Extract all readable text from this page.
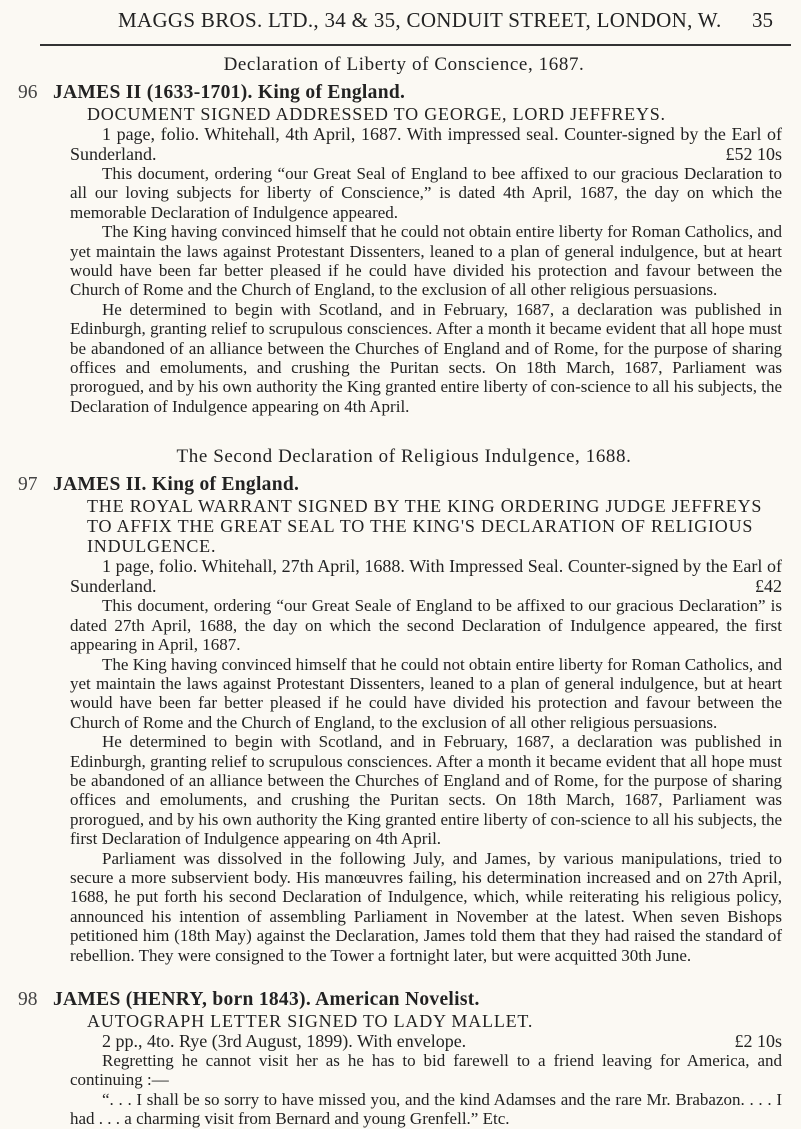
MAGGS BROS. LTD., 34 & 35, CONDUIT STREET, LONDON, W. 35
Declaration of Liberty of Conscience, 1687.
96 JAMES II (1633-1701). King of England.
DOCUMENT SIGNED ADDRESSED TO GEORGE, LORD JEFFREYS.
1 page, folio. Whitehall, 4th April, 1687. With impressed seal. Counter-signed by the Earl of Sunderland.	£52 10s

This document, ordering “our Great Seal of England to bee affixed to our gracious Declaration to all our loving subjects for liberty of Conscience,” is dated 4th April, 1687, the day on which the memorable Declaration of Indulgence appeared.

The King having convinced himself that he could not obtain entire liberty for Roman Catholics, and yet maintain the laws against Protestant Dissenters, leaned to a plan of general indulgence, but at heart would have been far better pleased if he could have divided his protection and favour between the Church of Rome and the Church of England, to the exclusion of all other religious persuasions.

He determined to begin with Scotland, and in February, 1687, a declaration was published in Edinburgh, granting relief to scrupulous consciences. After a month it became evident that all hope must be abandoned of an alliance between the Churches of England and of Rome, for the purpose of sharing offices and emoluments, and crushing the Puritan sects. On 18th March, 1687, Parliament was prorogued, and by his own authority the King granted entire liberty of con-science to all his subjects, the Declaration of Indulgence appearing on 4th April.

The Second Declaration of Religious Indulgence, 1688.
97 JAMES II. King of England.
THE ROYAL WARRANT SIGNED BY THE KING ORDERING JUDGE JEFFREYS TO AFFIX THE GREAT SEAL TO THE KING'S DECLARATION OF RELIGIOUS INDULGENCE.
1 page, folio. Whitehall, 27th April, 1688. With Impressed Seal. Counter-signed by the Earl of Sunderland.	£42

This document, ordering “our Great Seale of England to be affixed to our gracious Declaration” is dated 27th April, 1688, the day on which the second Declaration of Indulgence appeared, the first appearing in April, 1687.

The King having convinced himself that he could not obtain entire liberty for Roman Catholics, and yet maintain the laws against Protestant Dissenters, leaned to a plan of general indulgence, but at heart would have been far better pleased if he could have divided his protection and favour between the Church of Rome and the Church of England, to the exclusion of all other religious persuasions.

He determined to begin with Scotland, and in February, 1687, a declaration was published in Edinburgh, granting relief to scrupulous consciences. After a month it became evident that all hope must be abandoned of an alliance between the Churches of England and of Rome, for the purpose of sharing offices and emoluments, and crushing the Puritan sects. On 18th March, 1687, Parliament was prorogued, and by his own authority the King granted entire liberty of con-science to all his subjects, the first Declaration of Indulgence appearing on 4th April.

Parliament was dissolved in the following July, and James, by various manipulations, tried to secure a more subservient body. His manœuvres failing, his determination increased and on 27th April, 1688, he put forth his second Declaration of Indulgence, which, while reiterating his religious policy, announced his intention of assembling Parliament in November at the latest. When seven Bishops petitioned him (18th May) against the Declaration, James told them that they had raised the standard of rebellion. They were consigned to the Tower a fortnight later, but were acquitted 30th June.

98 JAMES (HENRY, born 1843). American Novelist.
AUTOGRAPH LETTER SIGNED TO LADY MALLET.
2 pp., 4to. Rye (3rd August, 1899). With envelope.	£2 10s

Regretting he cannot visit her as he has to bid farewell to a friend leaving for America, and continuing :—

“. . . I shall be so sorry to have missed you, and the kind Adamses and the rare Mr. Brabazon. . . . I had . . . a charming visit from Bernard and young Grenfell.” Etc.
